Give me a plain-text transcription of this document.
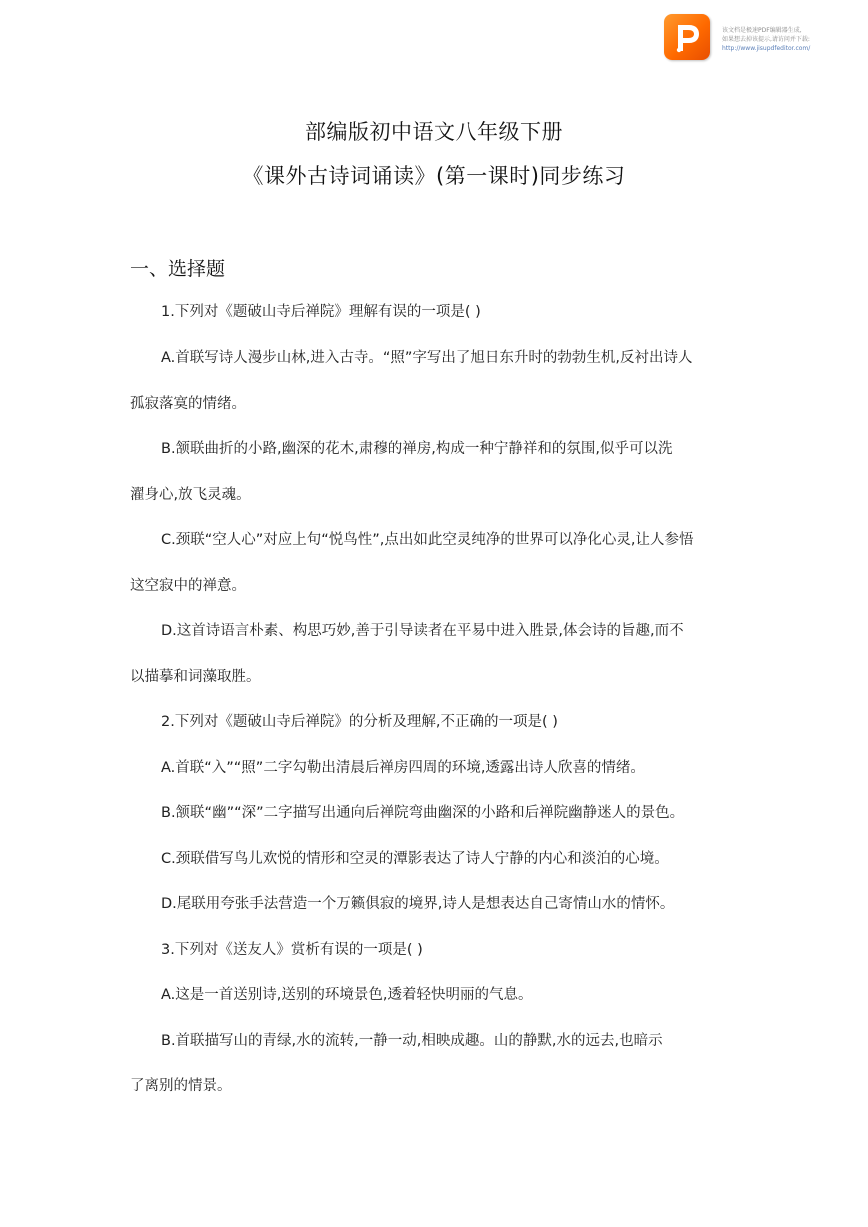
该文档是极速PDF编辑器生成,
如果想去掉该提示,请访问并下载:
http://www.jisupdfeditor.com/
部编版初中语文八年级下册
《课外古诗词诵读》(第一课时)同步练习
一、选择题
1.下列对《题破山寺后禅院》理解有误的一项是( )
A.首联写诗人漫步山林,进入古寺。“照”字写出了旭日东升时的勃勃生机,反衬出诗人
孤寂落寞的情绪。
B.颔联曲折的小路,幽深的花木,肃穆的禅房,构成一种宁静祥和的氛围,似乎可以洗
濯身心,放飞灵魂。
C.颈联“空人心”对应上句“悦鸟性”,点出如此空灵纯净的世界可以净化心灵,让人参悟
这空寂中的禅意。
D.这首诗语言朴素、构思巧妙,善于引导读者在平易中进入胜景,体会诗的旨趣,而不
以描摹和词藻取胜。
2.下列对《题破山寺后禅院》的分析及理解,不正确的一项是( )
A.首联“入”“照”二字勾勒出清晨后禅房四周的环境,透露出诗人欣喜的情绪。
B.颔联“幽”“深”二字描写出通向后禅院弯曲幽深的小路和后禅院幽静迷人的景色。
C.颈联借写鸟儿欢悦的情形和空灵的潭影表达了诗人宁静的内心和淡泊的心境。
D.尾联用夸张手法营造一个万籁俱寂的境界,诗人是想表达自己寄情山水的情怀。
3.下列对《送友人》赏析有误的一项是( )
A.这是一首送别诗,送别的环境景色,透着轻快明丽的气息。
B.首联描写山的青绿,水的流转,一静一动,相映成趣。山的静默,水的远去,也暗示
了离别的情景。
